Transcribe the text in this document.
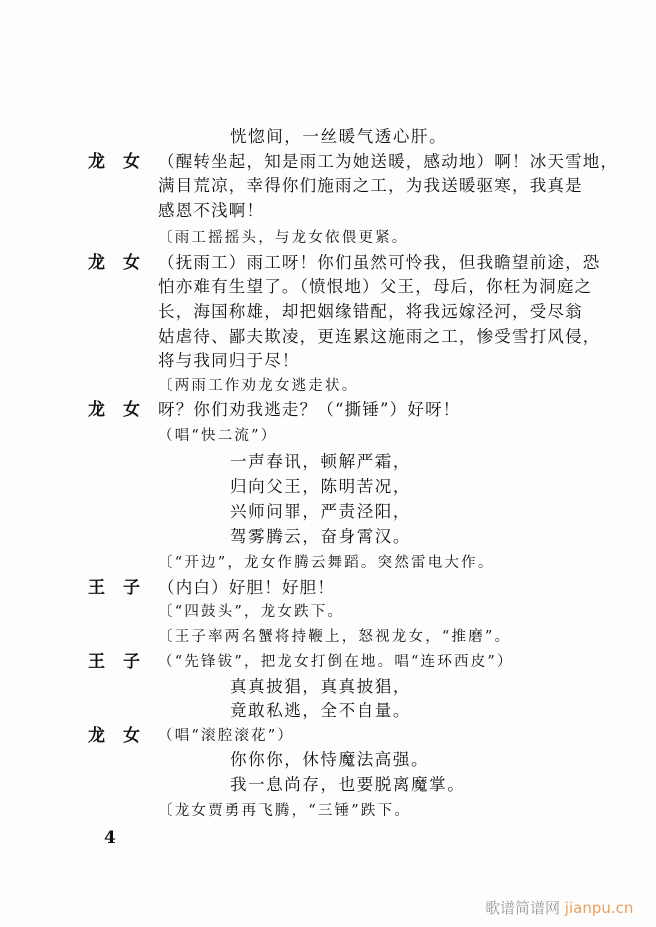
恍惚间，一丝暖气透心肝。
龙女 （醒转坐起，知是雨工为她送暖，感动地）啊！冰天雪地，
满目荒凉，幸得你们施雨之工，为我送暖驱寒，我真是
感恩不浅啊！
〔雨工摇摇头，与龙女依偎更紧。
龙女 （抚雨工）雨工呀！你们虽然可怜我，但我瞻望前途，恐
怕亦难有生望了。（愤恨地）父王，母后，你枉为洞庭之
长，海国称雄，却把姻缘错配，将我远嫁泾河，受尽翁
姑虐待、鄙夫欺凌，更连累这施雨之工，惨受雪打风侵，
将与我同归于尽！
〔两雨工作劝龙女逃走状。
龙女 呀？你们劝我逃走？（“撕锤”）好呀！
（唱“快二流”）
一声春讯，顿解严霜，
归向父王，陈明苦况，
兴师问罪，严责泾阳，
驾雾腾云，奋身霄汉。
〔“开边”，龙女作腾云舞蹈。突然雷电大作。
王子 （内白）好胆！好胆！
〔“四鼓头”，龙女跌下。
〔王子率两名蟹将持鞭上，怒视龙女，“推磨”。
王子 （“先锋钹”，把龙女打倒在地。唱“连环西皮”）
真真披猖，真真披猖，
竟敢私逃，全不自量。
龙女 （唱“滚腔滚花”）
你你你，休恃魔法高强。
我一息尚存，也要脱离魔掌。
〔龙女贾勇再飞腾，“三锤”跌下。
4
歌谱简谱网 jianpu.cn
